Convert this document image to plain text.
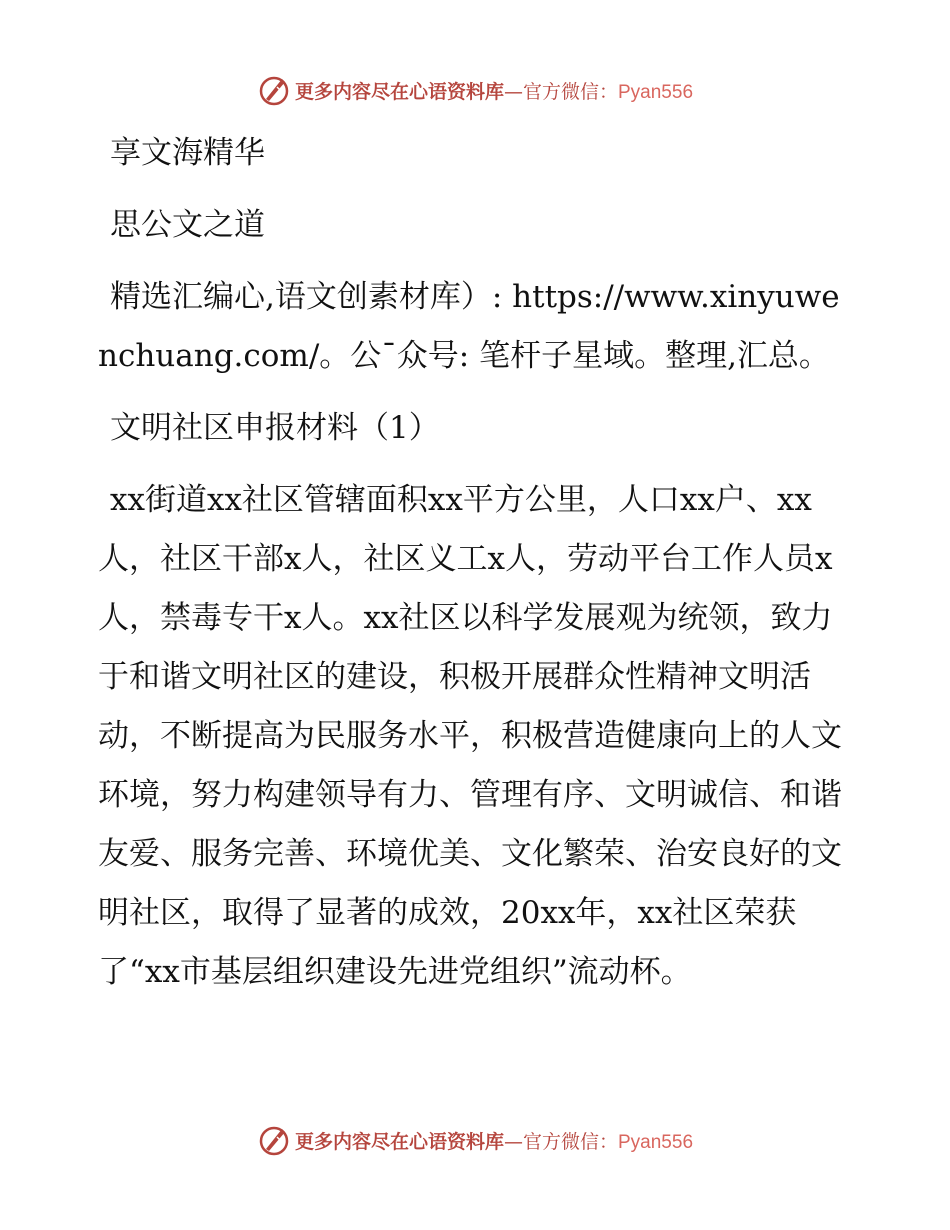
更多内容尽在心语资料库—官方微信：Pyan556

享文海精华

思公文之道

精选汇编心,语文创素材库）: https://www.xinyuwenchuang.com/。公¯众号: 笔杆子星域。整理,汇总。

文明社区申报材料（1）

xx街道xx社区管辖面积xx平方公里，人口xx户、xx人，社区干部x人，社区义工x人，劳动平台工作人员x人，禁毒专干x人。xx社区以科学发展观为统领，致力于和谐文明社区的建设，积极开展群众性精神文明活动，不断提高为民服务水平，积极营造健康向上的人文环境，努力构建领导有力、管理有序、文明诚信、和谐友爱、服务完善、环境优美、文化繁荣、治安良好的文明社区，取得了显著的成效，20xx年，xx社区荣获了“xx市基层组织建设先进党组织”流动杯。

更多内容尽在心语资料库—官方微信：Pyan556
